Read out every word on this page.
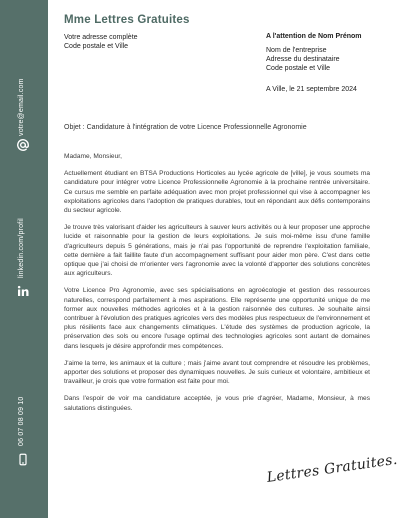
votre@email.com
linkedin.com/profil
06 07 08 09 10
Mme Lettres Gratuites
Votre adresse complète
Code postale et Ville
A l'attention de Nom Prénom
Nom de l'entreprise
Adresse du destinataire
Code postale et Ville
A Ville, le 21 septembre 2024
Objet : Candidature à l'intégration de votre Licence Professionnelle Agronomie

Madame, Monsieur,

Actuellement étudiant en BTSA Productions Horticoles au lycée agricole de [ville], je vous soumets ma candidature pour intégrer votre Licence Professionnelle Agronomie à la prochaine rentrée universitaire. Ce cursus me semble en parfaite adéquation avec mon projet professionnel qui vise à accompagner les exploitations agricoles dans l'adoption de pratiques durables, tout en répondant aux défis contemporains du secteur agricole.

Je trouve très valorisant d'aider les agriculteurs à sauver leurs activités ou à leur proposer une approche lucide et raisonnable pour la gestion de leurs exploitations. Je suis moi-même issu d'une famille d'agriculteurs depuis 5 générations, mais je n'ai pas l'opportunité de reprendre l'exploitation familiale, cette dernière a fait faillite faute d'un accompagnement suffisant pour aider mon père. C'est dans cette optique que j'ai choisi de m'orienter vers l'agronomie avec la volonté d'apporter des solutions concrètes aux agriculteurs.

Votre Licence Pro Agronomie, avec ses spécialisations en agroécologie et gestion des ressources naturelles, correspond parfaitement à mes aspirations. Elle représente une opportunité unique de me former aux nouvelles méthodes agricoles et à la gestion raisonnée des cultures. Je souhaite ainsi contribuer à l'évolution des pratiques agricoles vers des modèles plus respectueux de l'environnement et plus résilients face aux changements climatiques. L'étude des systèmes de production agricole, la préservation des sols ou encore l'usage optimal des technologies agricoles sont autant de domaines dans lesquels je désire approfondir mes compétences.

J'aime la terre, les animaux et la culture ; mais j'aime avant tout comprendre et résoudre les problèmes, apporter des solutions et proposer des dynamiques nouvelles. Je suis curieux et volontaire, ambitieux et travailleur, je crois que votre formation est faite pour moi.

Dans l'espoir de voir ma candidature acceptée, je vous prie d'agréer, Madame, Monsieur, à mes salutations distinguées.

Lettres Gratuites.
